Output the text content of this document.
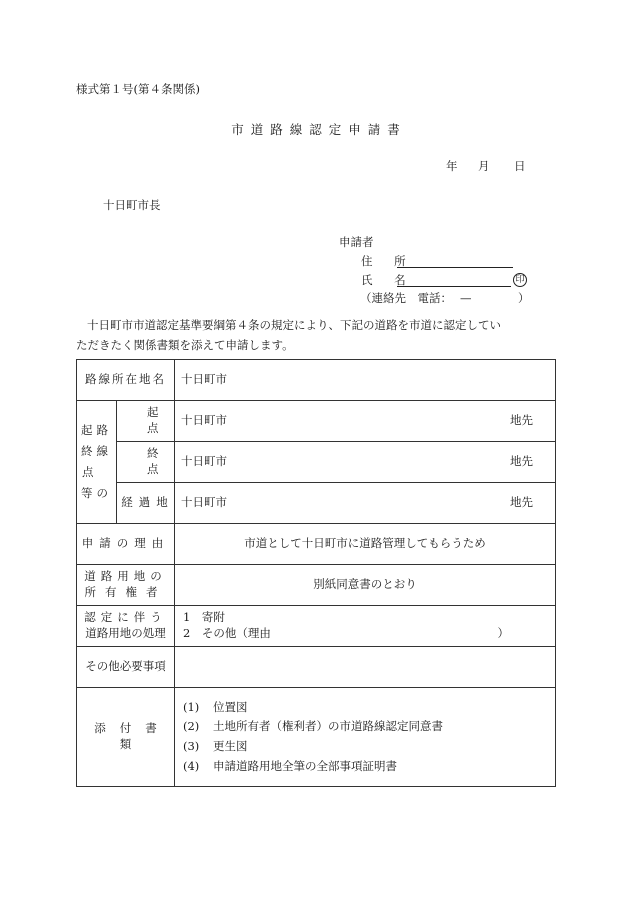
様式第１号(第４条関係)
市道路線認定申請書
年 月 日
十日町市長
申請者
住 所
氏 名	印
（連絡先　電話： —	）
十日町市市道認定基準要綱第４条の規定により、下記の道路を市道に認定してい
ただきたく関係書類を添えて申請します。
路線所在地名		十日町市

起路
終線
点
等の	起点	十日町市 地先

	終点	十日町市 地先

	経過地	十日町市 地先

申請の理由		市道として十日町市に道路管理してもらうため

道路用地の
所有権者		別紙同意書のとおり

認定に伴う
道路用地の処理		1　寄附
2　その他（理由 ）

その他必要事項		
添付書類		(1) 位置図
(2) 土地所有者（権利者）の市道路線認定同意書
(3) 更生図
(4) 申請道路用地全筆の全部事項証明書
